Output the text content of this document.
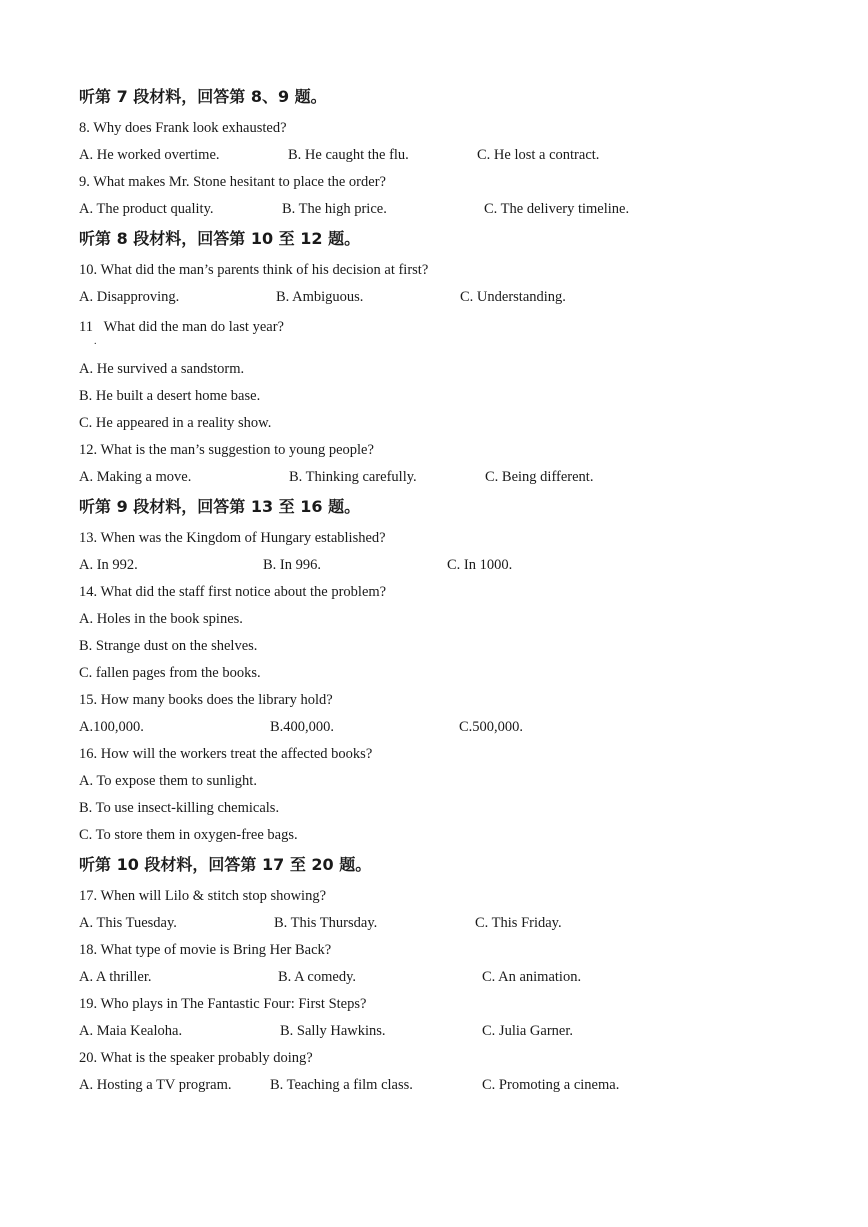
听第 7 段材料，回答第 8、9 题。
8. Why does Frank look exhausted?
A. He worked overtime.	B. He caught the flu.	C. He lost a contract.
9. What makes Mr. Stone hesitant to place the order?
A. The product quality.	B. The high price.	C. The delivery timeline.
听第 8 段材料，回答第 10 至 12 题。
10. What did the man’s parents think of his decision at first?
A. Disapproving.	B. Ambiguous.	C. Understanding.
11   What did the man do last year?
.
A. He survived a sandstorm.
B. He built a desert home base.
C. He appeared in a reality show.
12. What is the man’s suggestion to young people?
A. Making a move.	B. Thinking carefully.	C. Being different.
听第 9 段材料，回答第 13 至 16 题。
13. When was the Kingdom of Hungary established?
A. In 992.	B. In 996.	C. In 1000.
14. What did the staff first notice about the problem?
A. Holes in the book spines.
B. Strange dust on the shelves.
C. fallen pages from the books.
15. How many books does the library hold?
A.100,000.	B.400,000.	C.500,000.
16. How will the workers treat the affected books?
A. To expose them to sunlight.
B. To use insect-killing chemicals.
C. To store them in oxygen-free bags.
听第 10 段材料，回答第 17 至 20 题。
17. When will Lilo & stitch stop showing?
A. This Tuesday.	B. This Thursday.	C. This Friday.
18. What type of movie is Bring Her Back?
A. A thriller.	B. A comedy.	C. An animation.
19. Who plays in The Fantastic Four: First Steps?
A. Maia Kealoha.	B. Sally Hawkins.	C. Julia Garner.
20. What is the speaker probably doing?
A. Hosting a TV program.	B. Teaching a film class.	C. Promoting a cinema.
